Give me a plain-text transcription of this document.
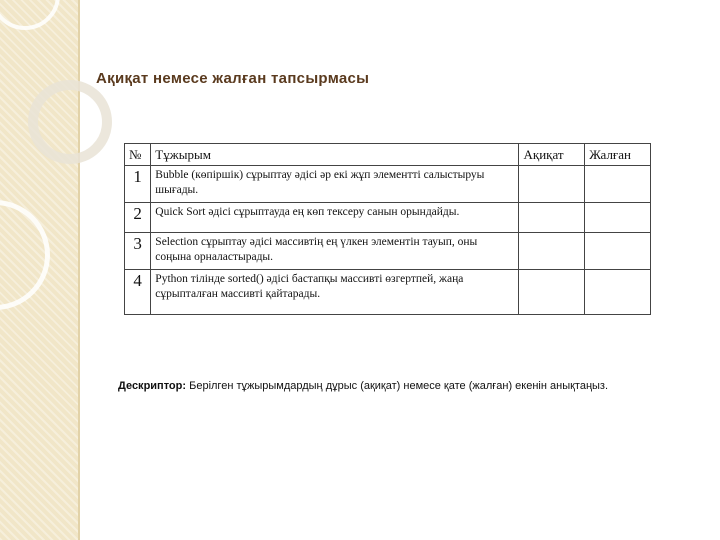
Ақиқат немесе жалған тапсырмасы
№	Тұжырым	Ақиқат	Жалған
1	Bubble (көпіршік) сұрыптау әдісі әр екі жұп элементті салыстыруы шығады.		
2	Quick Sort әдісі сұрыптауда ең көп тексеру санын орындайды.		
3	Selection сұрыптау әдісі массивтің ең үлкен элементін тауып, оны соңына орналастырады.		
4	Python тілінде sorted() әдісі бастапқы массивті өзгертпей, жаңа сұрыпталған массивті қайтарады.		

Дескриптор: Берілген тұжырымдардың дұрыс (ақиқат) немесе қате (жалған) екенін анықтаңыз.
